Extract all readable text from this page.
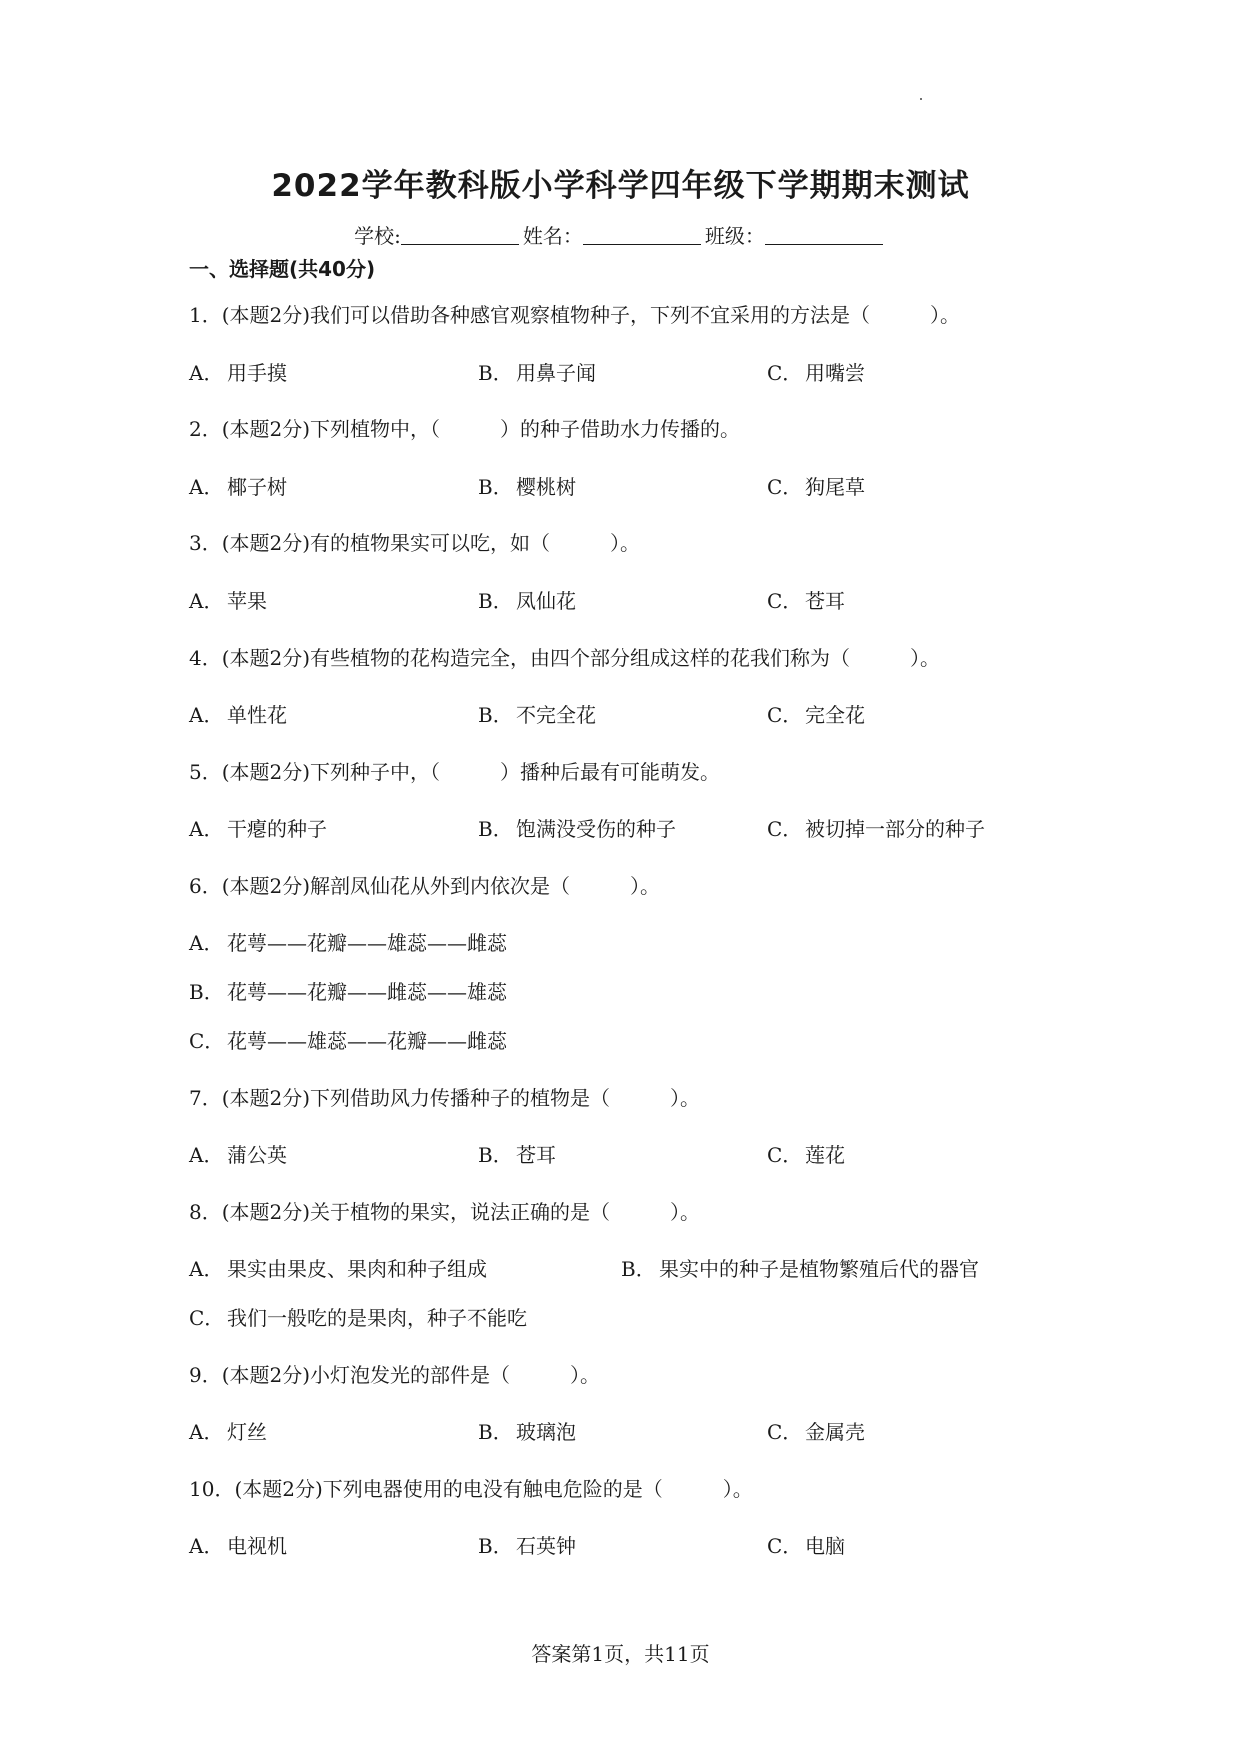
2022学年教科版小学科学四年级下学期期末测试
学校:	姓名：	班级：
一、选择题(共40分)
1．(本题2分)我们可以借助各种感官观察植物种子，下列不宜采用的方法是（　　　）。
A． 用手摸	B． 用鼻子闻	C． 用嘴尝
2．(本题2分)下列植物中，（　　　）的种子借助水力传播的。
A． 椰子树	B． 樱桃树	C． 狗尾草
3．(本题2分)有的植物果实可以吃，如（　　　）。
A． 苹果	B． 凤仙花	C． 苍耳
4．(本题2分)有些植物的花构造完全，由四个部分组成这样的花我们称为（　　　）。
A． 单性花	B． 不完全花	C． 完全花
5．(本题2分)下列种子中，（　　　）播种后最有可能萌发。
A． 干瘪的种子	B． 饱满没受伤的种子	C． 被切掉一部分的种子
6．(本题2分)解剖凤仙花从外到内依次是（　　　）。
A． 花萼——花瓣——雄蕊——雌蕊
B． 花萼——花瓣——雌蕊——雄蕊
C． 花萼——雄蕊——花瓣——雌蕊
7．(本题2分)下列借助风力传播种子的植物是（　　　）。
A． 蒲公英	B． 苍耳	C． 莲花
8．(本题2分)关于植物的果实，说法正确的是（　　　）。
A． 果实由果皮、果肉和种子组成	B． 果实中的种子是植物繁殖后代的器官
C． 我们一般吃的是果肉，种子不能吃
9．(本题2分)小灯泡发光的部件是（　　　）。
A． 灯丝	B． 玻璃泡	C． 金属壳
10．(本题2分)下列电器使用的电没有触电危险的是（　　　）。
A． 电视机	B． 石英钟	C． 电脑
答案第1页，共11页
